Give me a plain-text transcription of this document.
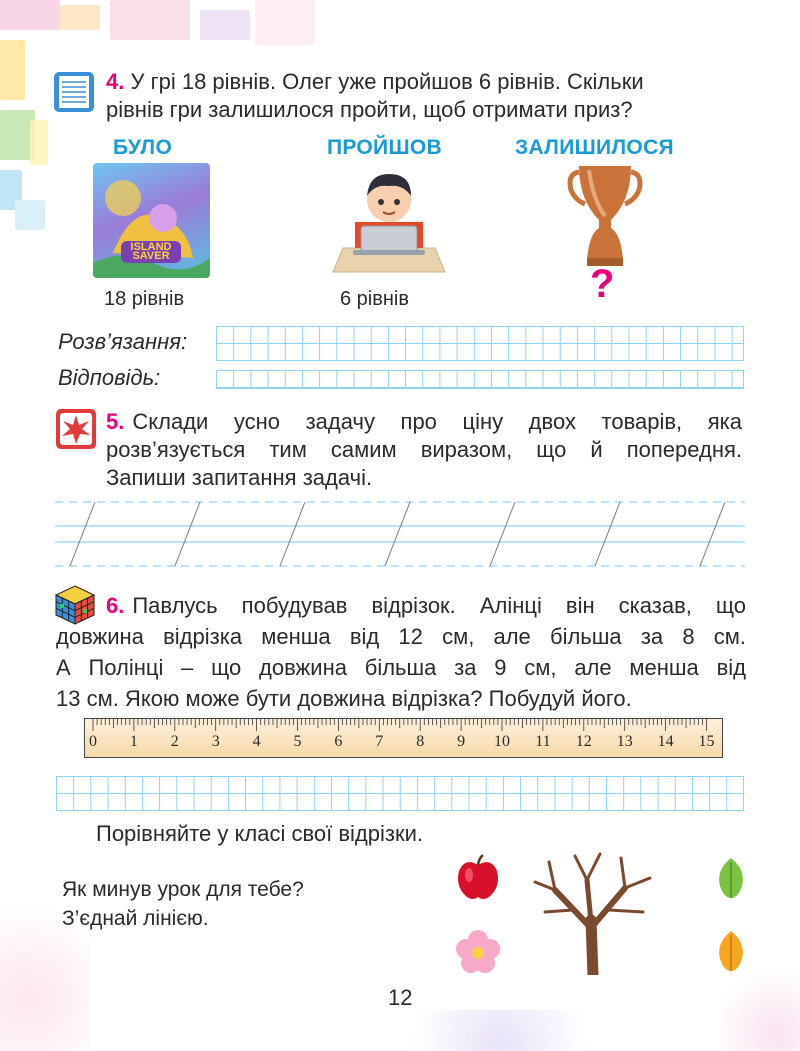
4. У грі 18 рівнів. Олег уже пройшов 6 рівнів. Скільки
рівнів гри залишилося пройти, щоб отримати приз?
БУЛО	ПРОЙШОВ	ЗАЛИШИЛОСЯ
ISLAND SAVER
?
18 рівнів	6 рівнів
Розв’язання:
Відповідь:
5. Склади усно задачу про ціну двох товарів, яка
розв’язується тим самим виразом, що й попередня.
Запиши запитання задачі.
6. Павлусь побудував відрізок. Алінці він сказав, що
довжина відрізка менша від 12 см, але більша за 8 см.
А Полінці – що довжина більша за 9 см, але менша від
13 см. Якою може бути довжина відрізка? Побудуй його.
0 1 2 3 4 5 6 7 8 9 10 11 12 13 14 15
Порівняйте у класі свої відрізки.
Як минув урок для тебе?
З’єднай лінією.
12
